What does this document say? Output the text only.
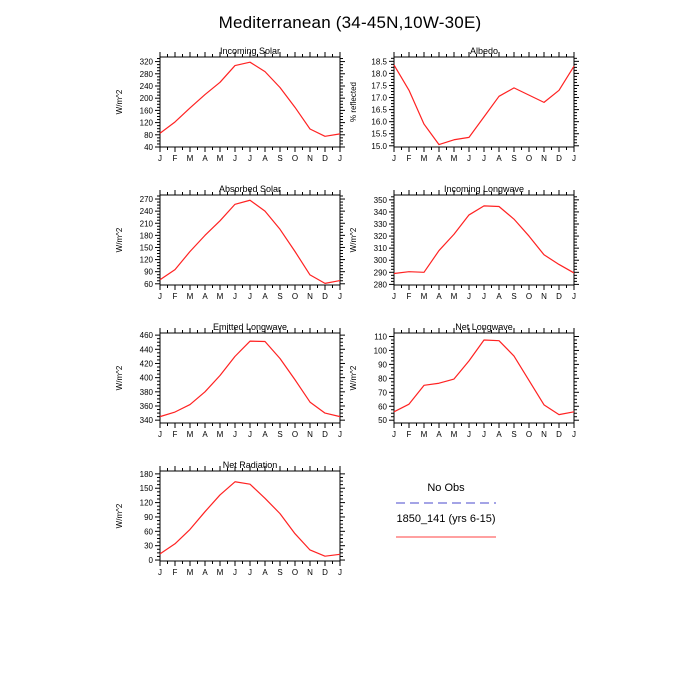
Mediterranean (34-45N,10W-30E)
J F M A M J J A S O N D J
40
80
120
160
200
240
280
320
Incoming Solar
W/m^2
J F M A M J J A S O N D J
15.0
15.5
16.0
16.5
17.0
17.5
18.0
18.5
Albedo
% reflected
J F M A M J J A S O N D J
60
90
120
150
180
210
240
270
Absorbed Solar
W/m^2
J F M A M J J A S O N D J
280
290
300
310
320
330
340
350
Incoming Longwave
W/m^2
J F M A M J J A S O N D J
340
360
380
400
420
440
460
Emitted Longwave
W/m^2
J F M A M J J A S O N D J
50
60
70
80
90
100
110
Net Longwave
W/m^2
J F M A M J J A S O N D J
0
30
60
90
120
150
180
Net Radiation
W/m^2
No Obs
1850_141 (yrs 6-15)
